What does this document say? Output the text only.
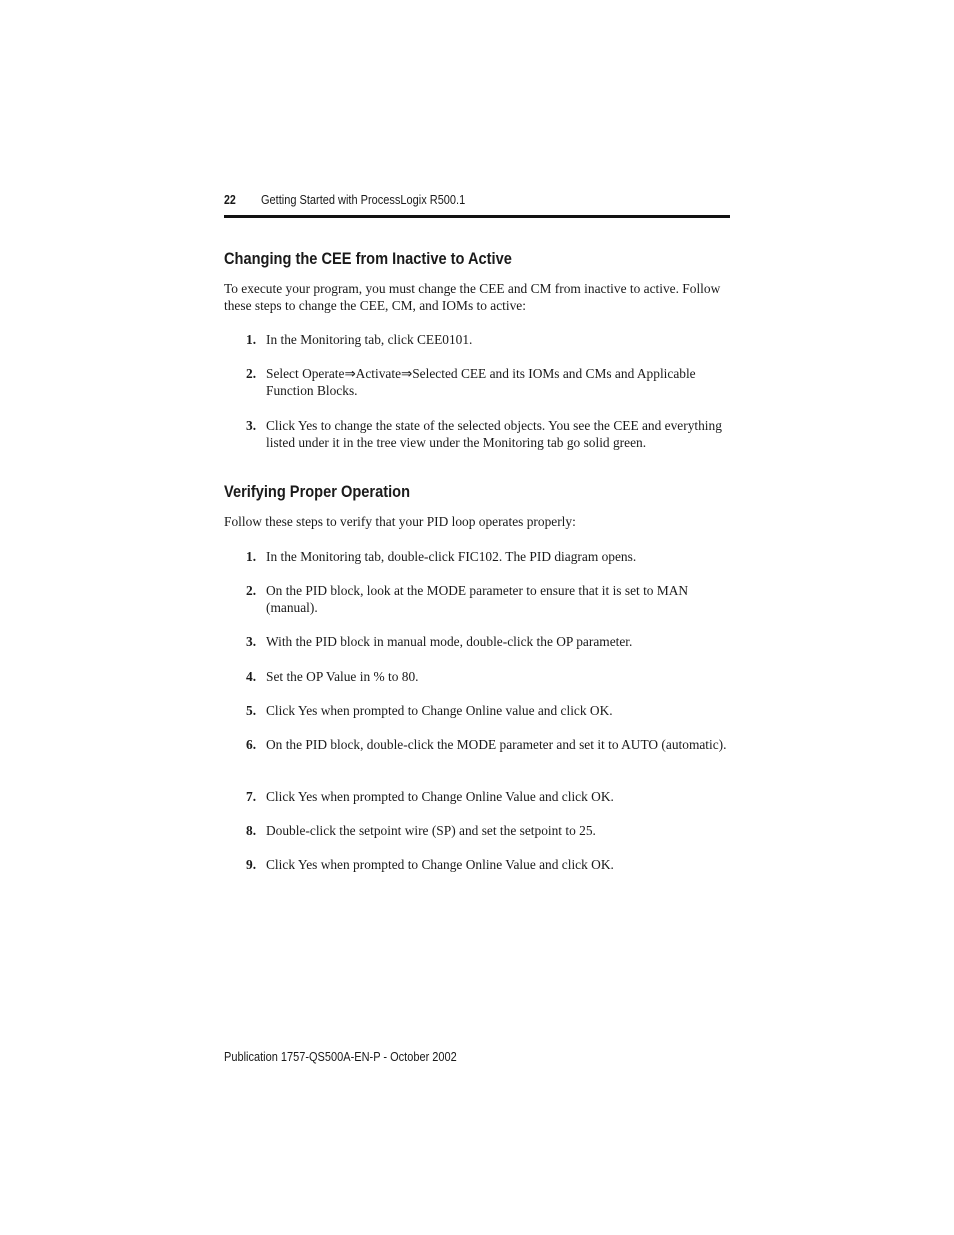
22 Getting Started with ProcessLogix R500.1
Changing the CEE from Inactive to Active

To execute your program, you must change the CEE and CM from inactive to active. Follow these steps to change the CEE, CM, and IOMs to active:

1. In the Monitoring tab, click CEE0101.
2. Select Operate⇒Activate⇒Selected CEE and its IOMs and CMs and Applicable Function Blocks.
3. Click Yes to change the state of the selected objects. You see the CEE and everything listed under it in the tree view under the Monitoring tab go solid green.
Verifying Proper Operation

Follow these steps to verify that your PID loop operates properly:

1. In the Monitoring tab, double-click FIC102. The PID diagram opens.
2. On the PID block, look at the MODE parameter to ensure that it is set to MAN (manual).
3. With the PID block in manual mode, double-click the OP parameter.
4. Set the OP Value in % to 80.
5. Click Yes when prompted to Change Online value and click OK.
6. On the PID block, double-click the MODE parameter and set it to AUTO (automatic).
7. Click Yes when prompted to Change Online Value and click OK.
8. Double-click the setpoint wire (SP) and set the setpoint to 25.
9. Click Yes when prompted to Change Online Value and click OK.
Publication 1757-QS500A-EN-P - October 2002
